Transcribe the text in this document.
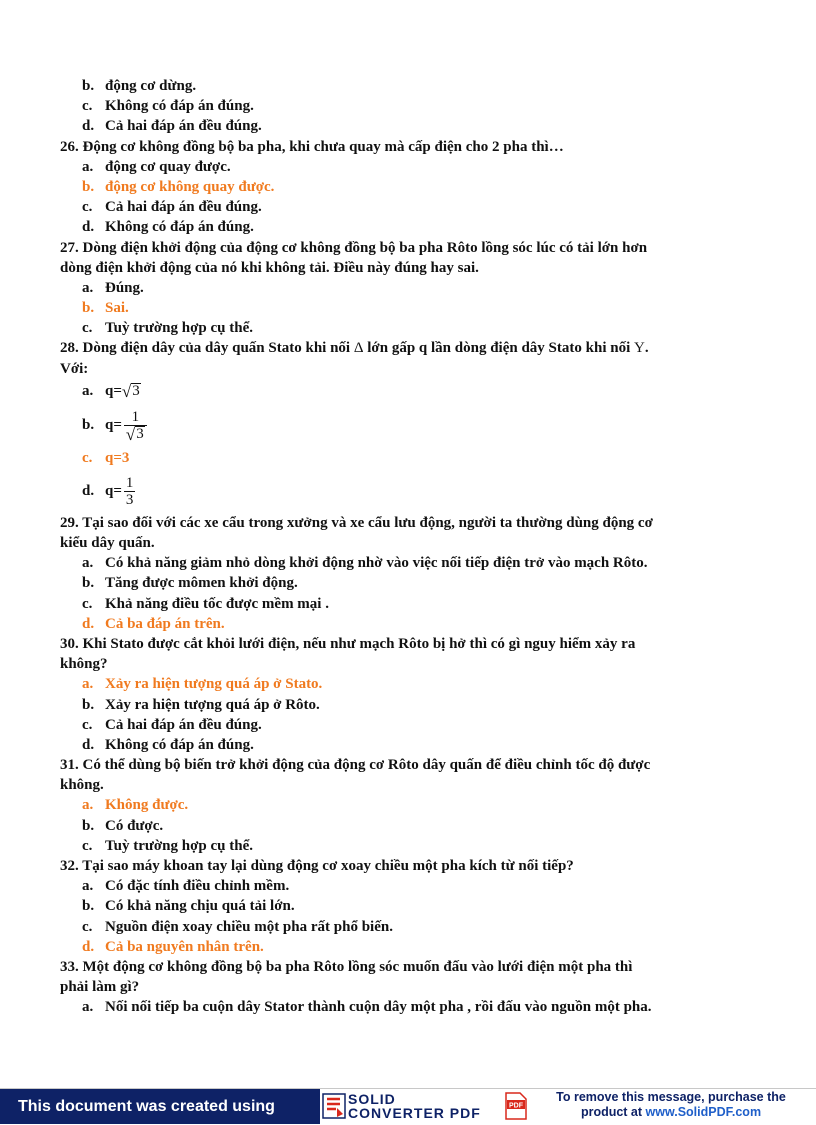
b. động cơ dừng.
c. Không có đáp án đúng.
d. Cả hai đáp án đều đúng.
26. Động cơ không đồng bộ ba pha, khi chưa quay mà cấp điện cho 2 pha thì…
a. động cơ quay được.
b. động cơ không quay được.
c. Cả hai đáp án đều đúng.
d. Không có đáp án đúng.
27. Dòng điện khởi động của động cơ không đồng bộ ba pha Rôto lồng sóc lúc có tải lớn hơn
dòng điện khởi động của nó khi không tải. Điều này đúng hay sai.
a. Đúng.
b. Sai.
c. Tuỳ trường hợp cụ thể.
28. Dòng điện dây của dây quấn Stato khi nối Δ lớn gấp q lần dòng điện dây Stato khi nối Y.
Với:
a. q= √ 3
b. $q= \frac{1}{√ 3}$
c. q=3
d. $q= \frac{1}{3}$
29. Tại sao đối với các xe cẩu trong xưởng và xe cẩu lưu động, người ta thường dùng động cơ
kiểu dây quấn.
a. Có khả năng giảm nhỏ dòng khởi động nhờ vào việc nối tiếp điện trở vào mạch Rôto.
b. Tăng được mômen khởi động.
c. Khả năng điều tốc được mềm mại .
d. Cả ba đáp án trên.
30. Khi Stato được cắt khỏi lưới điện, nếu như mạch Rôto bị hở thì có gì nguy hiểm xảy ra
không?
a. Xảy ra hiện tượng quá áp ở Stato.
b. Xảy ra hiện tượng quá áp ở Rôto.
c. Cả hai đáp án đều đúng.
d. Không có đáp án đúng.
31. Có thể dùng bộ biến trở khởi động của động cơ Rôto dây quấn để điều chỉnh tốc độ được
không.
a. Không được.
b. Có được.
c. Tuỳ trường hợp cụ thể.
32. Tại sao máy khoan tay lại dùng động cơ xoay chiều một pha kích từ nối tiếp?
a. Có đặc tính điều chỉnh mềm.
b. Có khả năng chịu quá tải lớn.
c. Nguồn điện xoay chiều một pha rất phổ biến.
d. Cả ba nguyên nhân trên.
33. Một động cơ không đồng bộ ba pha Rôto lồng sóc muốn đấu vào lưới điện một pha thì
phải làm gì?
a. Nối nối tiếp ba cuộn dây Stator thành cuộn dây một pha , rồi đấu vào nguồn một pha.
This document was created using	SOLID
CONVERTER PDF	PDF
To remove this message, purchase the
product at www.SolidPDF.com
